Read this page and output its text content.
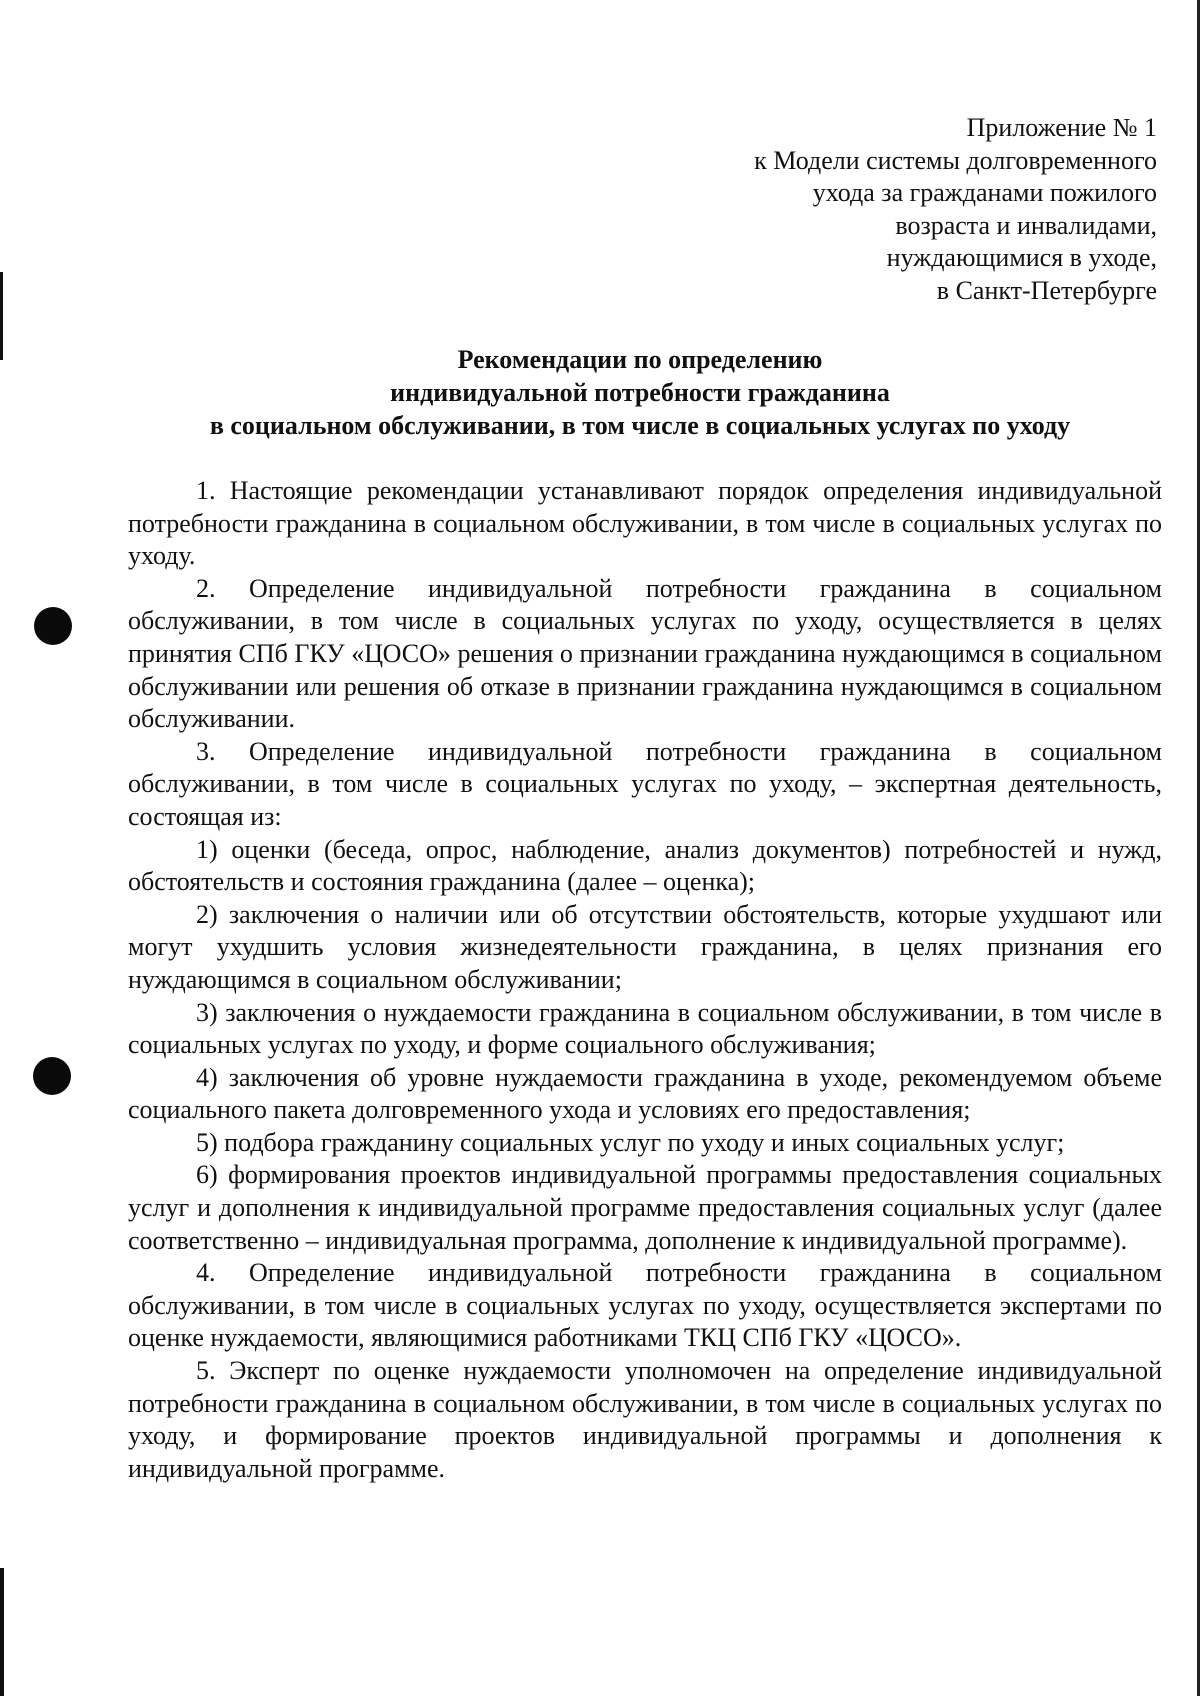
Приложение № 1
к Модели системы долговременного
ухода за гражданами пожилого
возраста и инвалидами,
нуждающимися в уходе,
в Санкт-Петербурге
Рекомендации по определению
индивидуальной потребности гражданина
в социальном обслуживании, в том числе в социальных услугах по уходу

1. Настоящие рекомендации устанавливают порядок определения индивидуальной потребности гражданина в социальном обслуживании, в том числе в социальных услугах по уходу.

2. Определение индивидуальной потребности гражданина в социальном обслуживании, в том числе в социальных услугах по уходу, осуществляется в целях принятия СПб ГКУ «ЦОСО» решения о признании гражданина нуждающимся в социальном обслуживании или решения об отказе в признании гражданина нуждающимся в социальном обслуживании.

3. Определение индивидуальной потребности гражданина в социальном обслуживании, в том числе в социальных услугах по уходу, – экспертная деятельность, состоящая из:

1) оценки (беседа, опрос, наблюдение, анализ документов) потребностей и нужд, обстоятельств и состояния гражданина (далее – оценка);

2) заключения о наличии или об отсутствии обстоятельств, которые ухудшают или могут ухудшить условия жизнедеятельности гражданина, в целях признания его нуждающимся в социальном обслуживании;

3) заключения о нуждаемости гражданина в социальном обслуживании, в том числе в социальных услугах по уходу, и форме социального обслуживания;

4) заключения об уровне нуждаемости гражданина в уходе, рекомендуемом объеме социального пакета долговременного ухода и условиях его предоставления;

5) подбора гражданину социальных услуг по уходу и иных социальных услуг;

6) формирования проектов индивидуальной программы предоставления социальных услуг и дополнения к индивидуальной программе предоставления социальных услуг (далее соответственно – индивидуальная программа, дополнение к индивидуальной программе).

4. Определение индивидуальной потребности гражданина в социальном обслуживании, в том числе в социальных услугах по уходу, осуществляется экспертами по оценке нуждаемости, являющимися работниками ТКЦ СПб ГКУ «ЦОСО».

5. Эксперт по оценке нуждаемости уполномочен на определение индивидуальной потребности гражданина в социальном обслуживании, в том числе в социальных услугах по уходу, и формирование проектов индивидуальной программы и дополнения к индивидуальной программе.
